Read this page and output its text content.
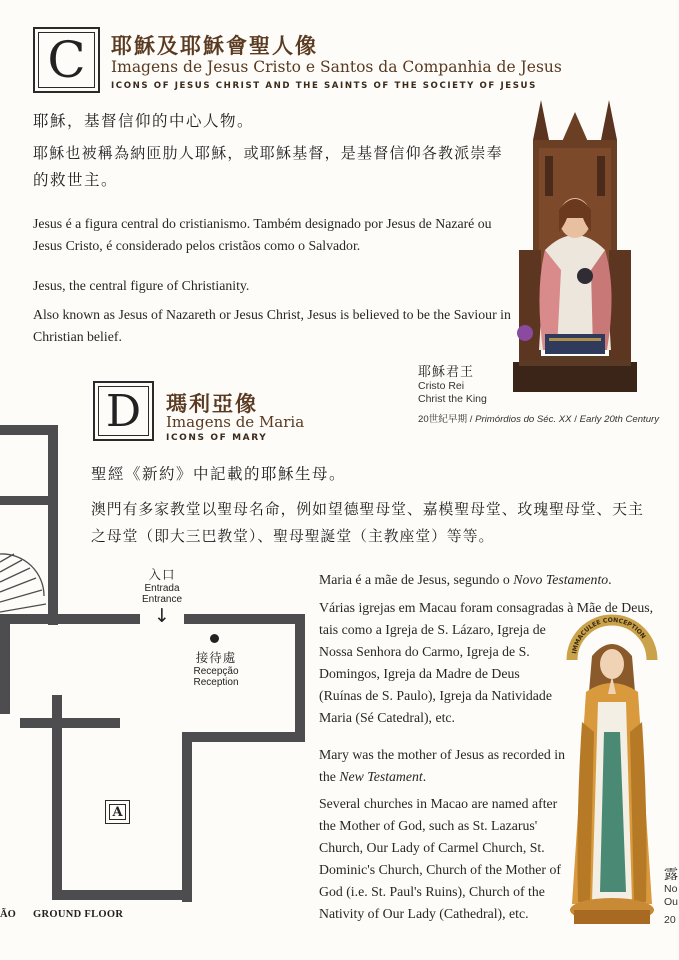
C	耶穌及耶穌會聖人像
Imagens de Jesus Cristo e Santos da Companhia de Jesus
ICONS OF JESUS CHRIST AND THE SAINTS OF THE SOCIETY OF JESUS
耶穌，基督信仰的中心人物。
耶穌也被稱為納匝肋人耶穌，或耶穌基督，是基督信仰各教派崇奉
的救世主。
Jesus é a figura central do cristianismo. Também designado por Jesus de Nazaré ou
Jesus Cristo, é considerado pelos cristãos como o Salvador.
Jesus, the central figure of Christianity.
Also known as Jesus of Nazareth or Jesus Christ, Jesus is believed to be the Saviour in
Christian belief.
耶穌君王
Cristo Rei
Christ the King
20世紀早期 / Primórdios do Séc. XX / Early 20th Century
D	瑪利亞像
Imagens de Maria
ICONS OF MARY
聖經《新約》中記載的耶穌生母。
澳門有多家教堂以聖母名命，例如望德聖母堂、嘉模聖母堂、玫瑰聖母堂、天主
之母堂（即大三巴教堂）、聖母聖誕堂（主教座堂）等等。
Maria é a mãe de Jesus, segundo o Novo Testamento.
Várias igrejas em Macau foram consagradas à Mãe de Deus,
tais como a Igreja de S. Lázaro, Igreja de
Nossa Senhora do Carmo, Igreja de S.
Domingos, Igreja da Madre de Deus
(Ruínas de S. Paulo), Igreja da Natividade
Maria (Sé Catedral), etc.
Mary was the mother of Jesus as recorded in
the New Testament.
Several churches in Macao are named after
the Mother of God, such as St. Lazarus'
Church, Our Lady of Carmel Church, St.
Dominic's Church, Church of the Mother of
God (i.e. St. Paul's Ruins), Church of the
Nativity of Our Lady (Cathedral), etc.
IMMACULEE CONCEPTION
露
No
Ou
20
入口
Entrada
Entrance
↓
接待處
Recepção
Reception
A
ÃO GROUND FLOOR
